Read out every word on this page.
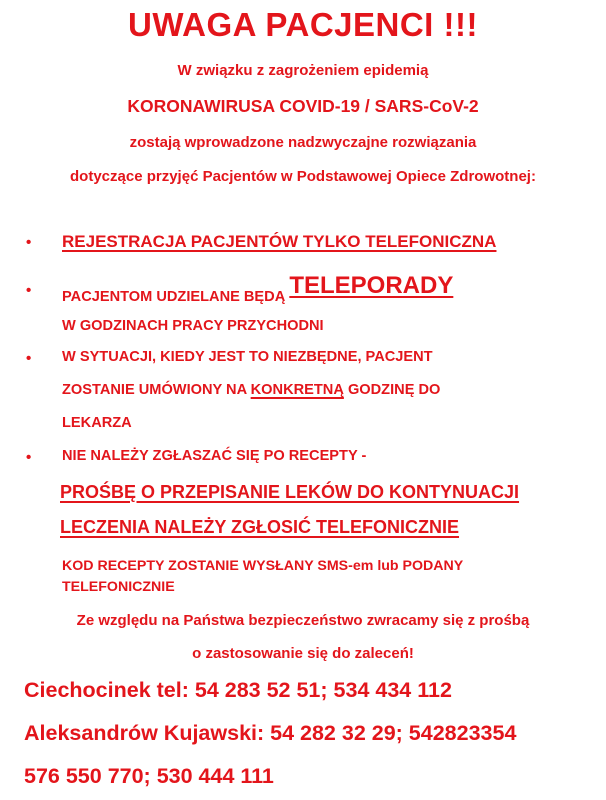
UWAGA PACJENCI !!!
W związku z zagrożeniem epidemią
KORONAWIRUSA COVID-19 / SARS-CoV-2
zostają wprowadzone nadzwyczajne rozwiązania
dotyczące przyjęć Pacjentów w Podstawowej Opiece Zdrowotnej:
• REJESTRACJA PACJENTÓW TYLKO TELEFONICZNA
• PACJENTOM UDZIELANE BĘDĄ TELEPORADY
W GODZINACH PRACY PRZYCHODNI
• W SYTUACJI, KIEDY JEST TO NIEZBĘDNE, PACJENT
ZOSTANIE UMÓWIONY NA KONKRETNĄ GODZINĘ DO
LEKARZA
• NIE NALEŻY ZGŁASZAĆ SIĘ PO RECEPTY -
PROŚBĘ O PRZEPISANIE LEKÓW DO KONTYNUACJI
LECZENIA NALEŻY ZGŁOSIĆ TELEFONICZNIE
KOD RECEPTY ZOSTANIE WYSŁANY SMS-em lub PODANY TELEFONICZNIE
Ze względu na Państwa bezpieczeństwo zwracamy się z prośbą
o zastosowanie się do zaleceń!
Ciechocinek tel: 54 283 52 51; 534 434 112
Aleksandrów Kujawski: 54 282 32 29; 542823354
576 550 770; 530 444 111
